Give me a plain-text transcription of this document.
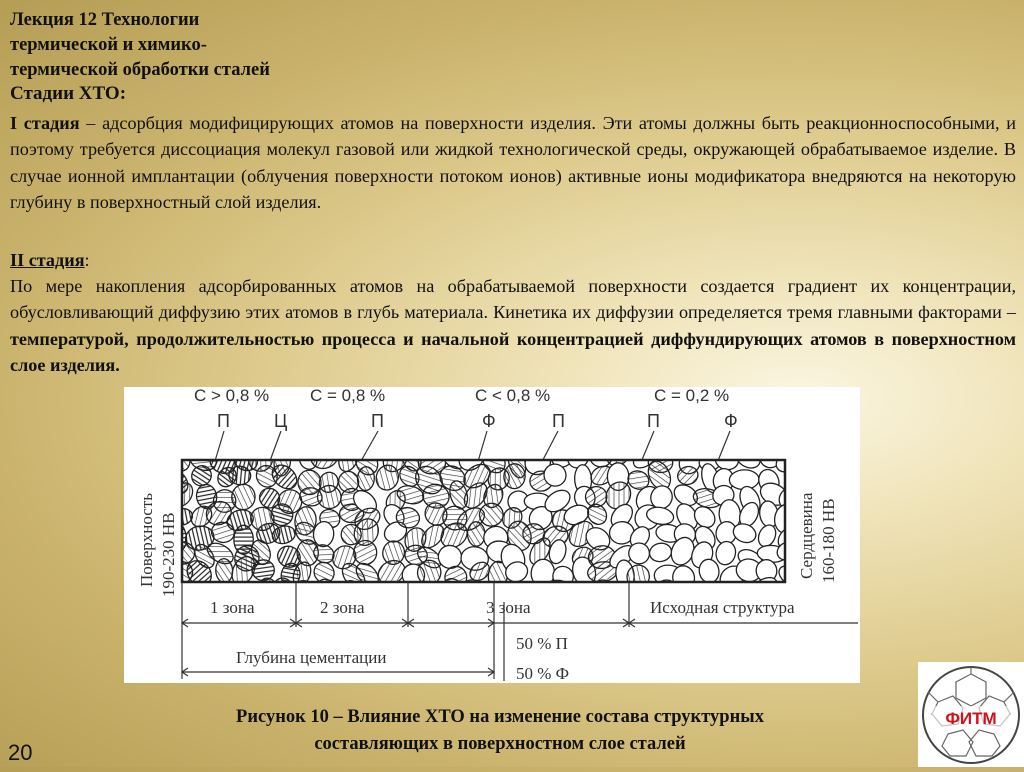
Лекция 12 Технологии
термической и химико-
термической обработки сталей
Стадии ХТО:
I стадия – адсорбция модифицирующих атомов на поверхности изделия. Эти атомы должны быть реакционноспособными, и поэтому требуется диссоциация молекул газовой или жидкой технологической среды, окружающей обрабатываемое изделие. В случае ионной имплантации (облучения поверхности потоком ионов) активные ионы модификатора внедряются на некоторую глубину в поверхностный слой изделия.
II стадия:
По мере накопления адсорбированных атомов на обрабатываемой поверхности создается градиент их концентрации, обусловливающий диффузию этих атомов в глубь материала. Кинетика их диффузии определяется тремя главными факторами – температурой, продолжительностью процесса и начальной концентрацией диффундирующих атомов в поверхностном слое изделия.
С > 0,8 % С = 0,8 %	С < 0,8 %	С = 0,2 %
П Ц	П	Ф	П	П	Ф
Поверхность 190-230 НВ	Сердцевина 160-180 НВ
1 зона	2 зона	3 зона	Исходная структура
Глубина цементации
50 % П
50 % Ф
Рисунок 10 – Влияние ХТО на изменение состава структурных
составляющих в поверхностном слое сталей
20
ФИТМ
